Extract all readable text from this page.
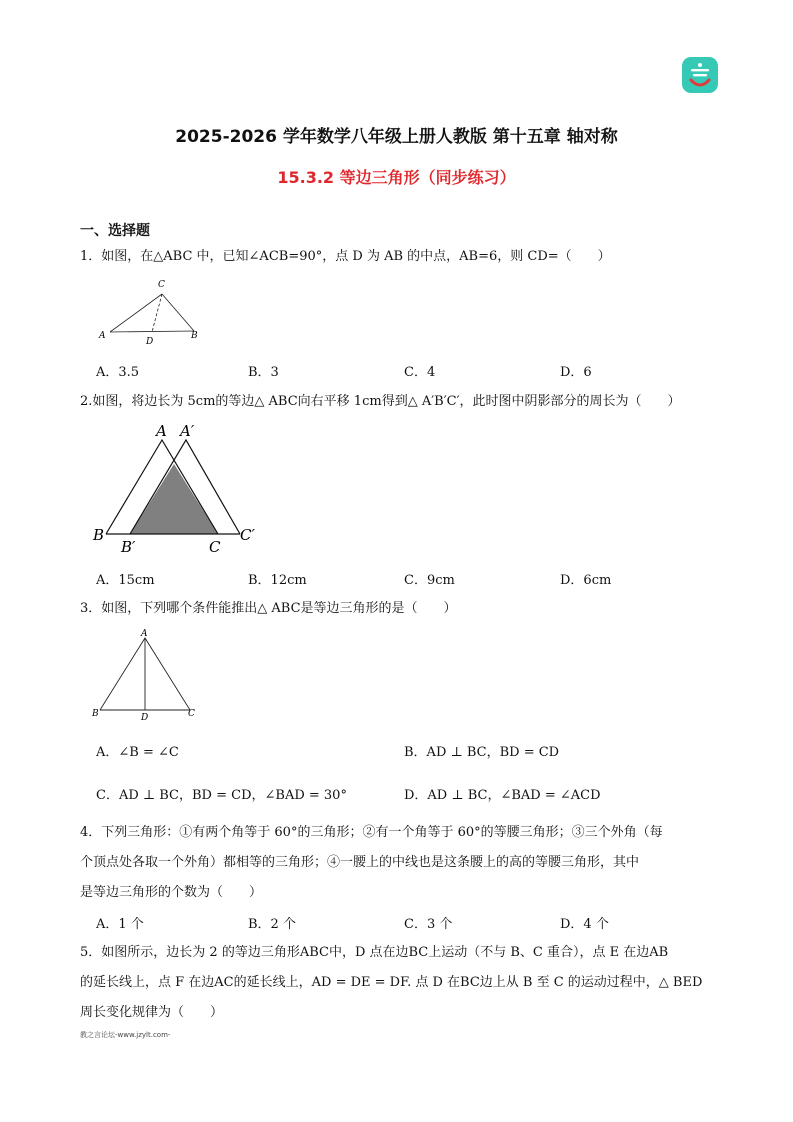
2025-2026 学年数学八年级上册人教版 第十五章 轴对称
15.3.2 等边三角形（同步练习）
一、选择题
1．如图，在△ABC 中，已知∠ACB=90°，点 D 为 AB 的中点，AB=6，则 CD=（　　）
C
A
D
B
A．3.5	B．3	C．4	D．6
2.如图，将边长为 5cm的等边△ ABC向右平移 1cm得到△ A′B′C′，此时图中阴影部分的周长为（　　）
A A′
B
B′	C
C′
A．15cm	B．12cm	C．9cm	D．6cm
3．如图，下列哪个条件能推出△ ABC是等边三角形的是（　　）
A
B	D	C
A．∠B = ∠C	B．AD ⊥ BC，BD = CD
C．AD ⊥ BC，BD = CD，∠BAD = 30°	D．AD ⊥ BC，∠BAD = ∠ACD
4．下列三角形：①有两个角等于 60°的三角形；②有一个角等于 60°的等腰三角形；③三个外角（每
个顶点处各取一个外角）都相等的三角形；④一腰上的中线也是这条腰上的高的等腰三角形，其中
是等边三角形的个数为（　　）
A．1 个	B．2 个	C．3 个	D．4 个
5．如图所示，边长为 2 的等边三角形ABC中，D 点在边BC上运动（不与 B、C 重合），点 E 在边AB
的延长线上，点 F 在边AC的延长线上，AD = DE = DF. 点 D 在BC边上从 B 至 C 的运动过程中，△ BED
周长变化规律为（　　）
教之言论坛-www.jzylt.com-
